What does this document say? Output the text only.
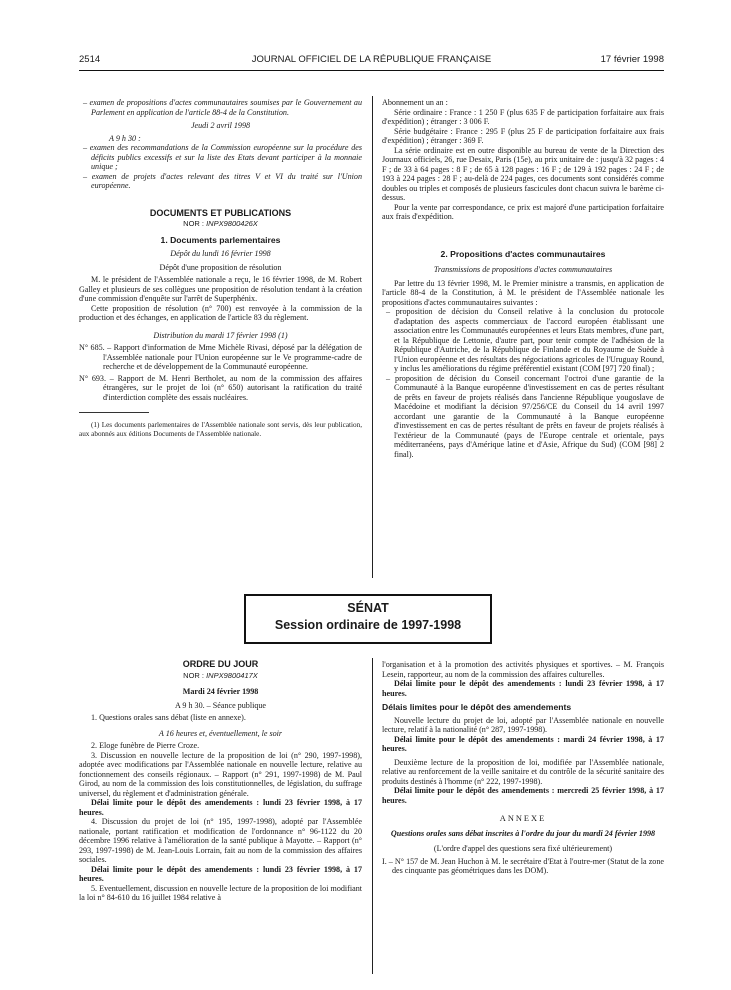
2514	JOURNAL OFFICIEL DE LA RÉPUBLIQUE FRANÇAISE	17 février 1998

– examen de propositions d'actes communautaires soumises par le Gouvernement au Parlement en application de l'article 88-4 de la Constitution.

Jeudi 2 avril 1998

A 9 h 30 :

– examen des recommandations de la Commission européenne sur la procédure des déficits publics excessifs et sur la liste des Etats devant participer à la monnaie unique ;

– examen de projets d'actes relevant des titres V et VI du traité sur l'Union européenne.

DOCUMENTS ET PUBLICATIONS

NOR : INPX9800426X

1. Documents parlementaires

Dépôt du lundi 16 février 1998

Dépôt d'une proposition de résolution

M. le président de l'Assemblée nationale a reçu, le 16 février 1998, de M. Robert Galley et plusieurs de ses collègues une proposition de résolution tendant à la création d'une commission d'enquête sur l'arrêt de Superphénix.

Cette proposition de résolution (n° 700) est renvoyée à la commission de la production et des échanges, en application de l'article 83 du règlement.

Distribution du mardi 17 février 1998 (1)

N° 685. – Rapport d'information de Mme Michèle Rivasi, déposé par la délégation de l'Assemblée nationale pour l'Union européenne sur le Ve programme-cadre de recherche et de développement de la Communauté européenne.

N° 693. – Rapport de M. Henri Bertholet, au nom de la commission des affaires étrangères, sur le projet de loi (n° 650) autorisant la ratification du traité d'interdiction complète des essais nucléaires.

(1) Les documents parlementaires de l'Assemblée nationale sont servis, dès leur publication, aux abonnés aux éditions Documents de l'Assemblée nationale.

Abonnement un an :

Série ordinaire : France : 1 250 F (plus 635 F de participation forfaitaire aux frais d'expédition) ; étranger : 3 006 F.

Série budgétaire : France : 295 F (plus 25 F de participation forfaitaire aux frais d'expédition) ; étranger : 369 F.

La série ordinaire est en outre disponible au bureau de vente de la Direction des Journaux officiels, 26, rue Desaix, Paris (15e), au prix unitaire de : jusqu'à 32 pages : 4 F ; de 33 à 64 pages : 8 F ; de 65 à 128 pages : 16 F ; de 129 à 192 pages : 24 F ; de 193 à 224 pages : 28 F ; au-delà de 224 pages, ces documents sont considérés comme doubles ou triples et composés de plusieurs fascicules dont chacun suivra le barème ci-dessus.

Pour la vente par correspondance, ce prix est majoré d'une participation forfaitaire aux frais d'expédition.

2. Propositions d'actes communautaires

Transmissions de propositions d'actes communautaires

Par lettre du 13 février 1998, M. le Premier ministre a transmis, en application de l'article 88-4 de la Constitution, à M. le président de l'Assemblée nationale les propositions d'actes communautaires suivantes :

– proposition de décision du Conseil relative à la conclusion du protocole d'adaptation des aspects commerciaux de l'accord européen établissant une association entre les Communautés européennes et leurs Etats membres, d'une part, et la République de Lettonie, d'autre part, pour tenir compte de l'adhésion de la République d'Autriche, de la République de Finlande et du Royaume de Suède à l'Union européenne et des résultats des négociations agricoles de l'Uruguay Round, y inclus les améliorations du régime préférentiel existant (COM [97] 720 final) ;

– proposition de décision du Conseil concernant l'octroi d'une garantie de la Communauté à la Banque européenne d'investissement en cas de pertes résultant de prêts en faveur de projets réalisés dans l'ancienne République yougoslave de Macédoine et modifiant la décision 97/256/CE du Conseil du 14 avril 1997 accordant une garantie de la Communauté à la Banque européenne d'investissement en cas de pertes résultant de prêts en faveur de projets réalisés à l'extérieur de la Communauté (pays de l'Europe centrale et orientale, pays méditerranéens, pays d'Amérique latine et d'Asie, Afrique du Sud) (COM [98] 2 final).

SÉNAT
Session ordinaire de 1997-1998

ORDRE DU JOUR

NOR : INPX9800417X

Mardi 24 février 1998

A 9 h 30. – Séance publique

1. Questions orales sans débat (liste en annexe).

A 16 heures et, éventuellement, le soir

2. Eloge funèbre de Pierre Croze.

3. Discussion en nouvelle lecture de la proposition de loi (n° 290, 1997-1998), adoptée avec modifications par l'Assemblée nationale en nouvelle lecture, relative au fonctionnement des conseils régionaux. – Rapport (n° 291, 1997-1998) de M. Paul Girod, au nom de la commission des lois constitutionnelles, de législation, du suffrage universel, du règlement et d'administration générale.

Délai limite pour le dépôt des amendements : lundi 23 février 1998, à 17 heures.

4. Discussion du projet de loi (n° 195, 1997-1998), adopté par l'Assemblée nationale, portant ratification et modification de l'ordonnance n° 96-1122 du 20 décembre 1996 relative à l'amélioration de la santé publique à Mayotte. – Rapport (n° 293, 1997-1998) de M. Jean-Louis Lorrain, fait au nom de la commission des affaires sociales.

Délai limite pour le dépôt des amendements : lundi 23 février 1998, à 17 heures.

5. Eventuellement, discussion en nouvelle lecture de la proposition de loi modifiant la loi n° 84-610 du 16 juillet 1984 relative à

l'organisation et à la promotion des activités physiques et sportives. – M. François Lesein, rapporteur, au nom de la commission des affaires culturelles.

Délai limite pour le dépôt des amendements : lundi 23 février 1998, à 17 heures.

Délais limites pour le dépôt des amendements

Nouvelle lecture du projet de loi, adopté par l'Assemblée nationale en nouvelle lecture, relatif à la nationalité (n° 287, 1997-1998).

Délai limite pour le dépôt des amendements : mardi 24 février 1998, à 17 heures.

Deuxième lecture de la proposition de loi, modifiée par l'Assemblée nationale, relative au renforcement de la veille sanitaire et du contrôle de la sécurité sanitaire des produits destinés à l'homme (n° 222, 1997-1998).

Délai limite pour le dépôt des amendements : mercredi 25 février 1998, à 17 heures.

ANNEXE

Questions orales sans débat inscrites à l'ordre du jour du mardi 24 février 1998

(L'ordre d'appel des questions sera fixé ultérieurement)

I. – N° 157 de M. Jean Huchon à M. le secrétaire d'Etat à l'outre-mer (Statut de la zone des cinquante pas géométriques dans les DOM).
